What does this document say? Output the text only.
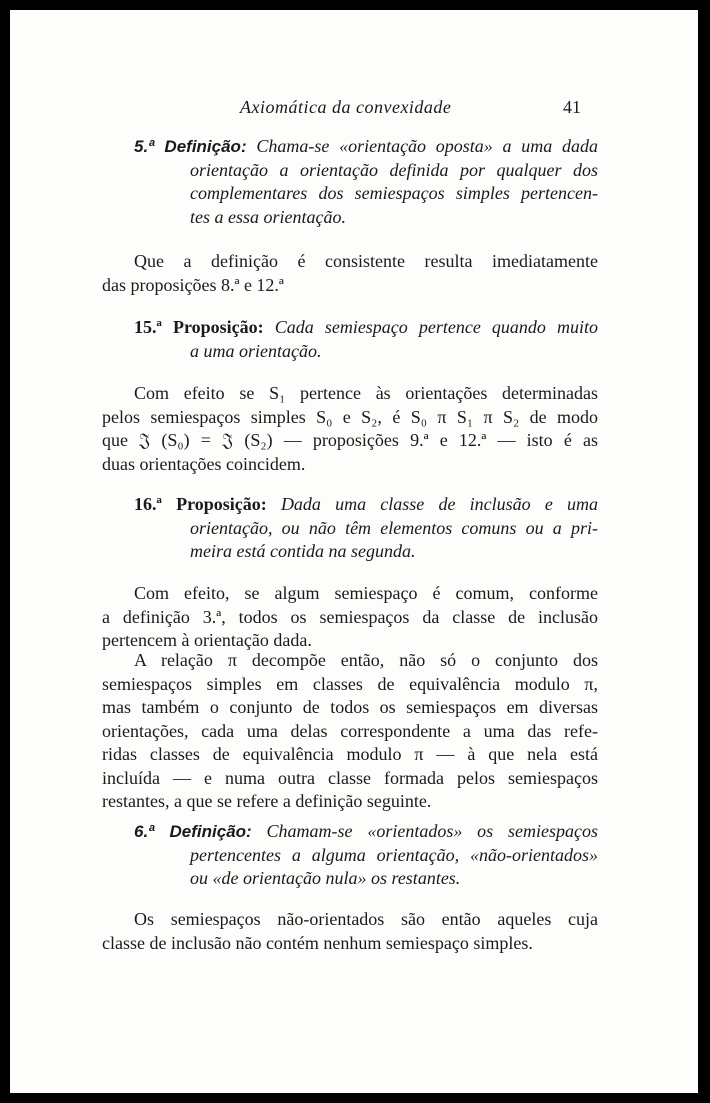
Axiomática da convexidade	41
5.ª Definição: Chama-se «orientação oposta» a uma dada
orientação a orientação definida por qualquer dos
complementares dos semiespaços simples pertencen-
tes a essa orientação.
Que a definição é consistente resulta imediatamente
das proposições 8.ª e 12.ª
15.ª Proposição: Cada semiespaço pertence quando muito
a uma orientação.
Com efeito se S₁ pertence às orientações determinadas
pelos semiespaços simples S₀ e S₂, é S₀ π S₁ π S₂ de modo
que 𝔍 (S₀) = 𝔍 (S₂) — proposições 9.ª e 12.ª — isto é as
duas orientações coincidem.
16.ª Proposição: Dada uma classe de inclusão e uma
orientação, ou não têm elementos comuns ou a pri-
meira está contida na segunda.
Com efeito, se algum semiespaço é comum, conforme
a definição 3.ª, todos os semiespaços da classe de inclusão
pertencem à orientação dada.
A relação π decompõe então, não só o conjunto dos
semiespaços simples em classes de equivalência modulo π,
mas também o conjunto de todos os semiespaços em diversas
orientações, cada uma delas correspondente a uma das refe-
ridas classes de equivalência modulo π — à que nela está
incluída — e numa outra classe formada pelos semiespaços
restantes, a que se refere a definição seguinte.
6.ª Definição: Chamam-se «orientados» os semiespaços
pertencentes a alguma orientação, «não-orientados»
ou «de orientação nula» os restantes.
Os semiespaços não-orientados são então aqueles cuja
classe de inclusão não contém nenhum semiespaço simples.
